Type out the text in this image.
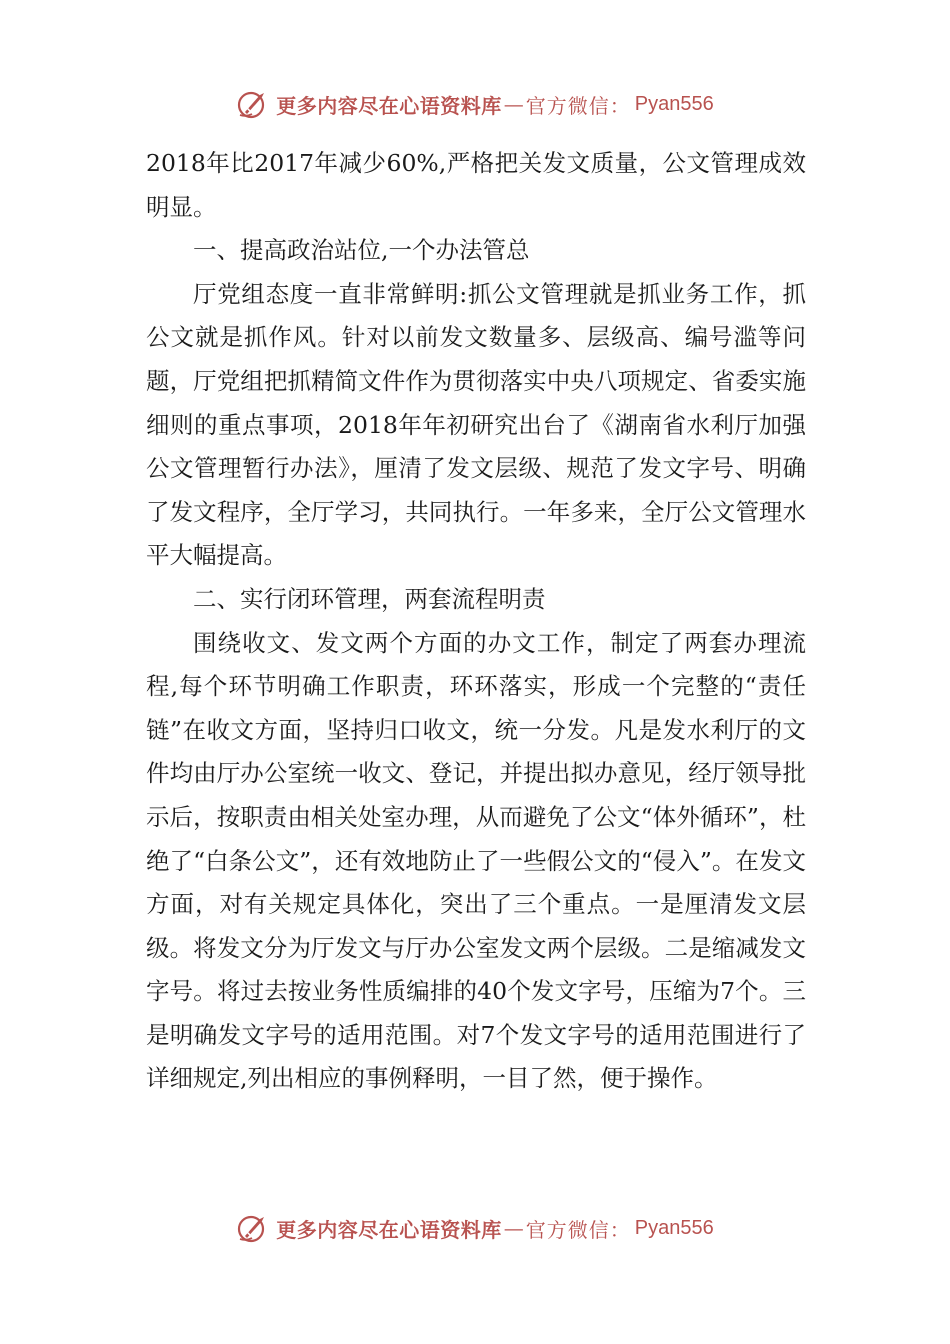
更多内容尽在心语资料库 — 官方微信： Pyan556

2018年比2017年减少60%,严格把关发文质量，公文管理成效明显。

一、提高政治站位,一个办法管总

厅党组态度一直非常鲜明:抓公文管理就是抓业务工作，抓公文就是抓作风。针对以前发文数量多、层级高、编号滥等问题，厅党组把抓精简文件作为贯彻落实中央八项规定、省委实施细则的重点事项，2018年年初研究出台了《湖南省水利厅加强公文管理暂行办法》，厘清了发文层级、规范了发文字号、明确了发文程序，全厅学习，共同执行。一年多来，全厅公文管理水平大幅提高。

二、实行闭环管理，两套流程明责

围绕收文、发文两个方面的办文工作，制定了两套办理流程,每个环节明确工作职责，环环落实，形成一个完整的“责任链”在收文方面，坚持归口收文，统一分发。凡是发水利厅的文件均由厅办公室统一收文、登记，并提出拟办意见，经厅领导批示后，按职责由相关处室办理，从而避免了公文“体外循环”，杜绝了“白条公文”，还有效地防止了一些假公文的“侵入”。在发文方面，对有关规定具体化，突出了三个重点。一是厘清发文层级。将发文分为厅发文与厅办公室发文两个层级。二是缩减发文字号。将过去按业务性质编排的40个发文字号，压缩为7个。三是明确发文字号的适用范围。对7个发文字号的适用范围进行了详细规定,列出相应的事例释明，一目了然，便于操作。

更多内容尽在心语资料库 — 官方微信： Pyan556
